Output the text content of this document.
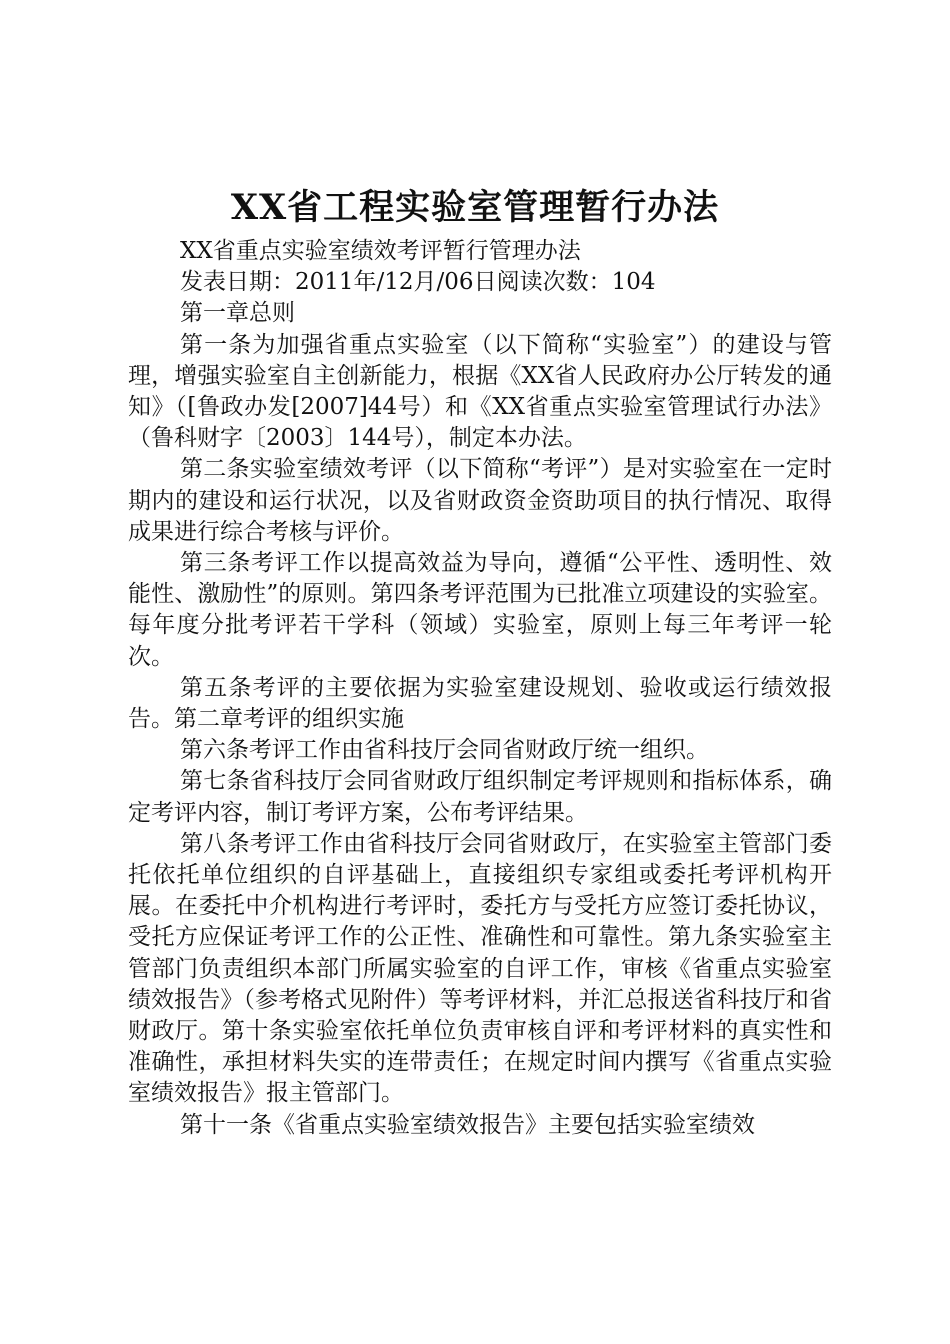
XX省工程实验室管理暂行办法
XX省重点实验室绩效考评暂行管理办法
发表日期：2011年/12月/06日阅读次数：104
第一章总则

第一条为加强省重点实验室（以下简称“实验室”）的建设与管理，增强实验室自主创新能力，根据《XX省人民政府办公厅转发的通知》（[鲁政办发[2007]44号）和《XX省重点实验室管理试行办法》（鲁科财字〔2003〕144号），制定本办法。

第二条实验室绩效考评（以下简称“考评”）是对实验室在一定时期内的建设和运行状况，以及省财政资金资助项目的执行情况、取得成果进行综合考核与评价。

第三条考评工作以提高效益为导向，遵循“公平性、透明性、效能性、激励性”的原则。第四条考评范围为已批准立项建设的实验室。每年度分批考评若干学科（领域）实验室，原则上每三年考评一轮次。

第五条考评的主要依据为实验室建设规划、验收或运行绩效报告。第二章考评的组织实施

第六条考评工作由省科技厅会同省财政厅统一组织。

第七条省科技厅会同省财政厅组织制定考评规则和指标体系，确定考评内容，制订考评方案，公布考评结果。

第八条考评工作由省科技厅会同省财政厅，在实验室主管部门委托依托单位组织的自评基础上，直接组织专家组或委托考评机构开展。在委托中介机构进行考评时，委托方与受托方应签订委托协议，受托方应保证考评工作的公正性、准确性和可靠性。第九条实验室主管部门负责组织本部门所属实验室的自评工作，审核《省重点实验室绩效报告》（参考格式见附件）等考评材料，并汇总报送省科技厅和省财政厅。第十条实验室依托单位负责审核自评和考评材料的真实性和准确性，承担材料失实的连带责任；在规定时间内撰写《省重点实验室绩效报告》报主管部门。

第十一条《省重点实验室绩效报告》主要包括实验室绩效
